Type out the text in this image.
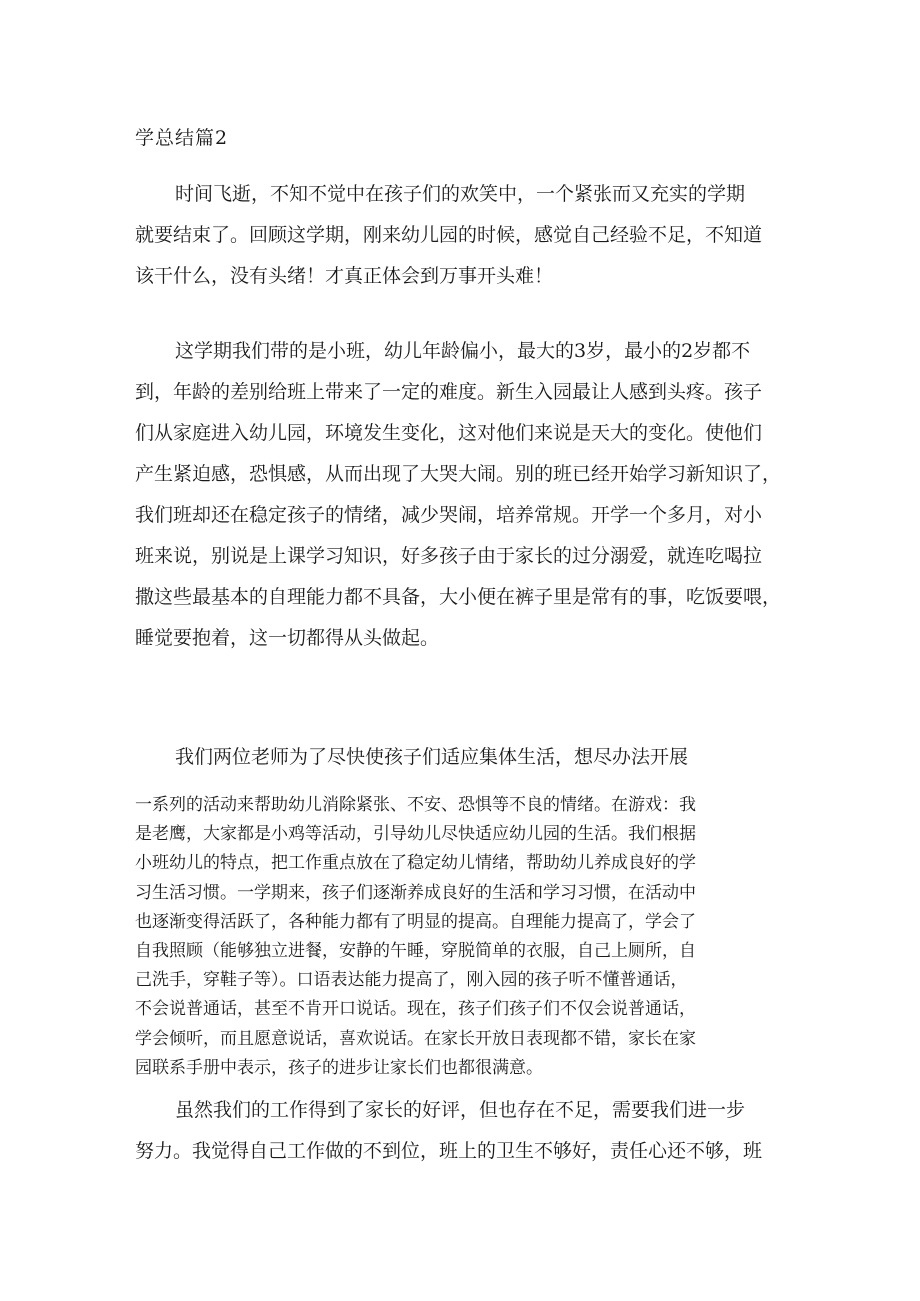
学总结篇2
时间飞逝，不知不觉中在孩子们的欢笑中，一个紧张而又充实的学期
就要结束了。回顾这学期，刚来幼儿园的时候，感觉自己经验不足，不知道
该干什么，没有头绪！才真正体会到万事开头难！
这学期我们带的是小班，幼儿年龄偏小，最大的3岁，最小的2岁都不
到，年龄的差别给班上带来了一定的难度。新生入园最让人感到头疼。孩子
们从家庭进入幼儿园，环境发生变化，这对他们来说是天大的变化。使他们
产生紧迫感，恐惧感，从而出现了大哭大闹。别的班已经开始学习新知识了，
我们班却还在稳定孩子的情绪，减少哭闹，培养常规。开学一个多月，对小
班来说，别说是上课学习知识，好多孩子由于家长的过分溺爱，就连吃喝拉
撒这些最基本的自理能力都不具备，大小便在裤子里是常有的事，吃饭要喂，
睡觉要抱着，这一切都得从头做起。
我们两位老师为了尽快使孩子们适应集体生活，想尽办法开展
一系列的活动来帮助幼儿消除紧张、不安、恐惧等不良的情绪。在游戏：我
是老鹰，大家都是小鸡等活动，引导幼儿尽快适应幼儿园的生活。我们根据
小班幼儿的特点，把工作重点放在了稳定幼儿情绪，帮助幼儿养成良好的学
习生活习惯。一学期来，孩子们逐渐养成良好的生活和学习习惯，在活动中
也逐渐变得活跃了，各种能力都有了明显的提高。自理能力提高了，学会了
自我照顾（能够独立进餐，安静的午睡，穿脱简单的衣服，自己上厕所，自
己洗手，穿鞋子等）。口语表达能力提高了，刚入园的孩子听不懂普通话，
不会说普通话，甚至不肯开口说话。现在，孩子们孩子们不仅会说普通话，
学会倾听，而且愿意说话，喜欢说话。在家长开放日表现都不错，家长在家
园联系手册中表示，孩子的进步让家长们也都很满意。
虽然我们的工作得到了家长的好评，但也存在不足，需要我们进一步
努力。我觉得自己工作做的不到位，班上的卫生不够好，责任心还不够，班
